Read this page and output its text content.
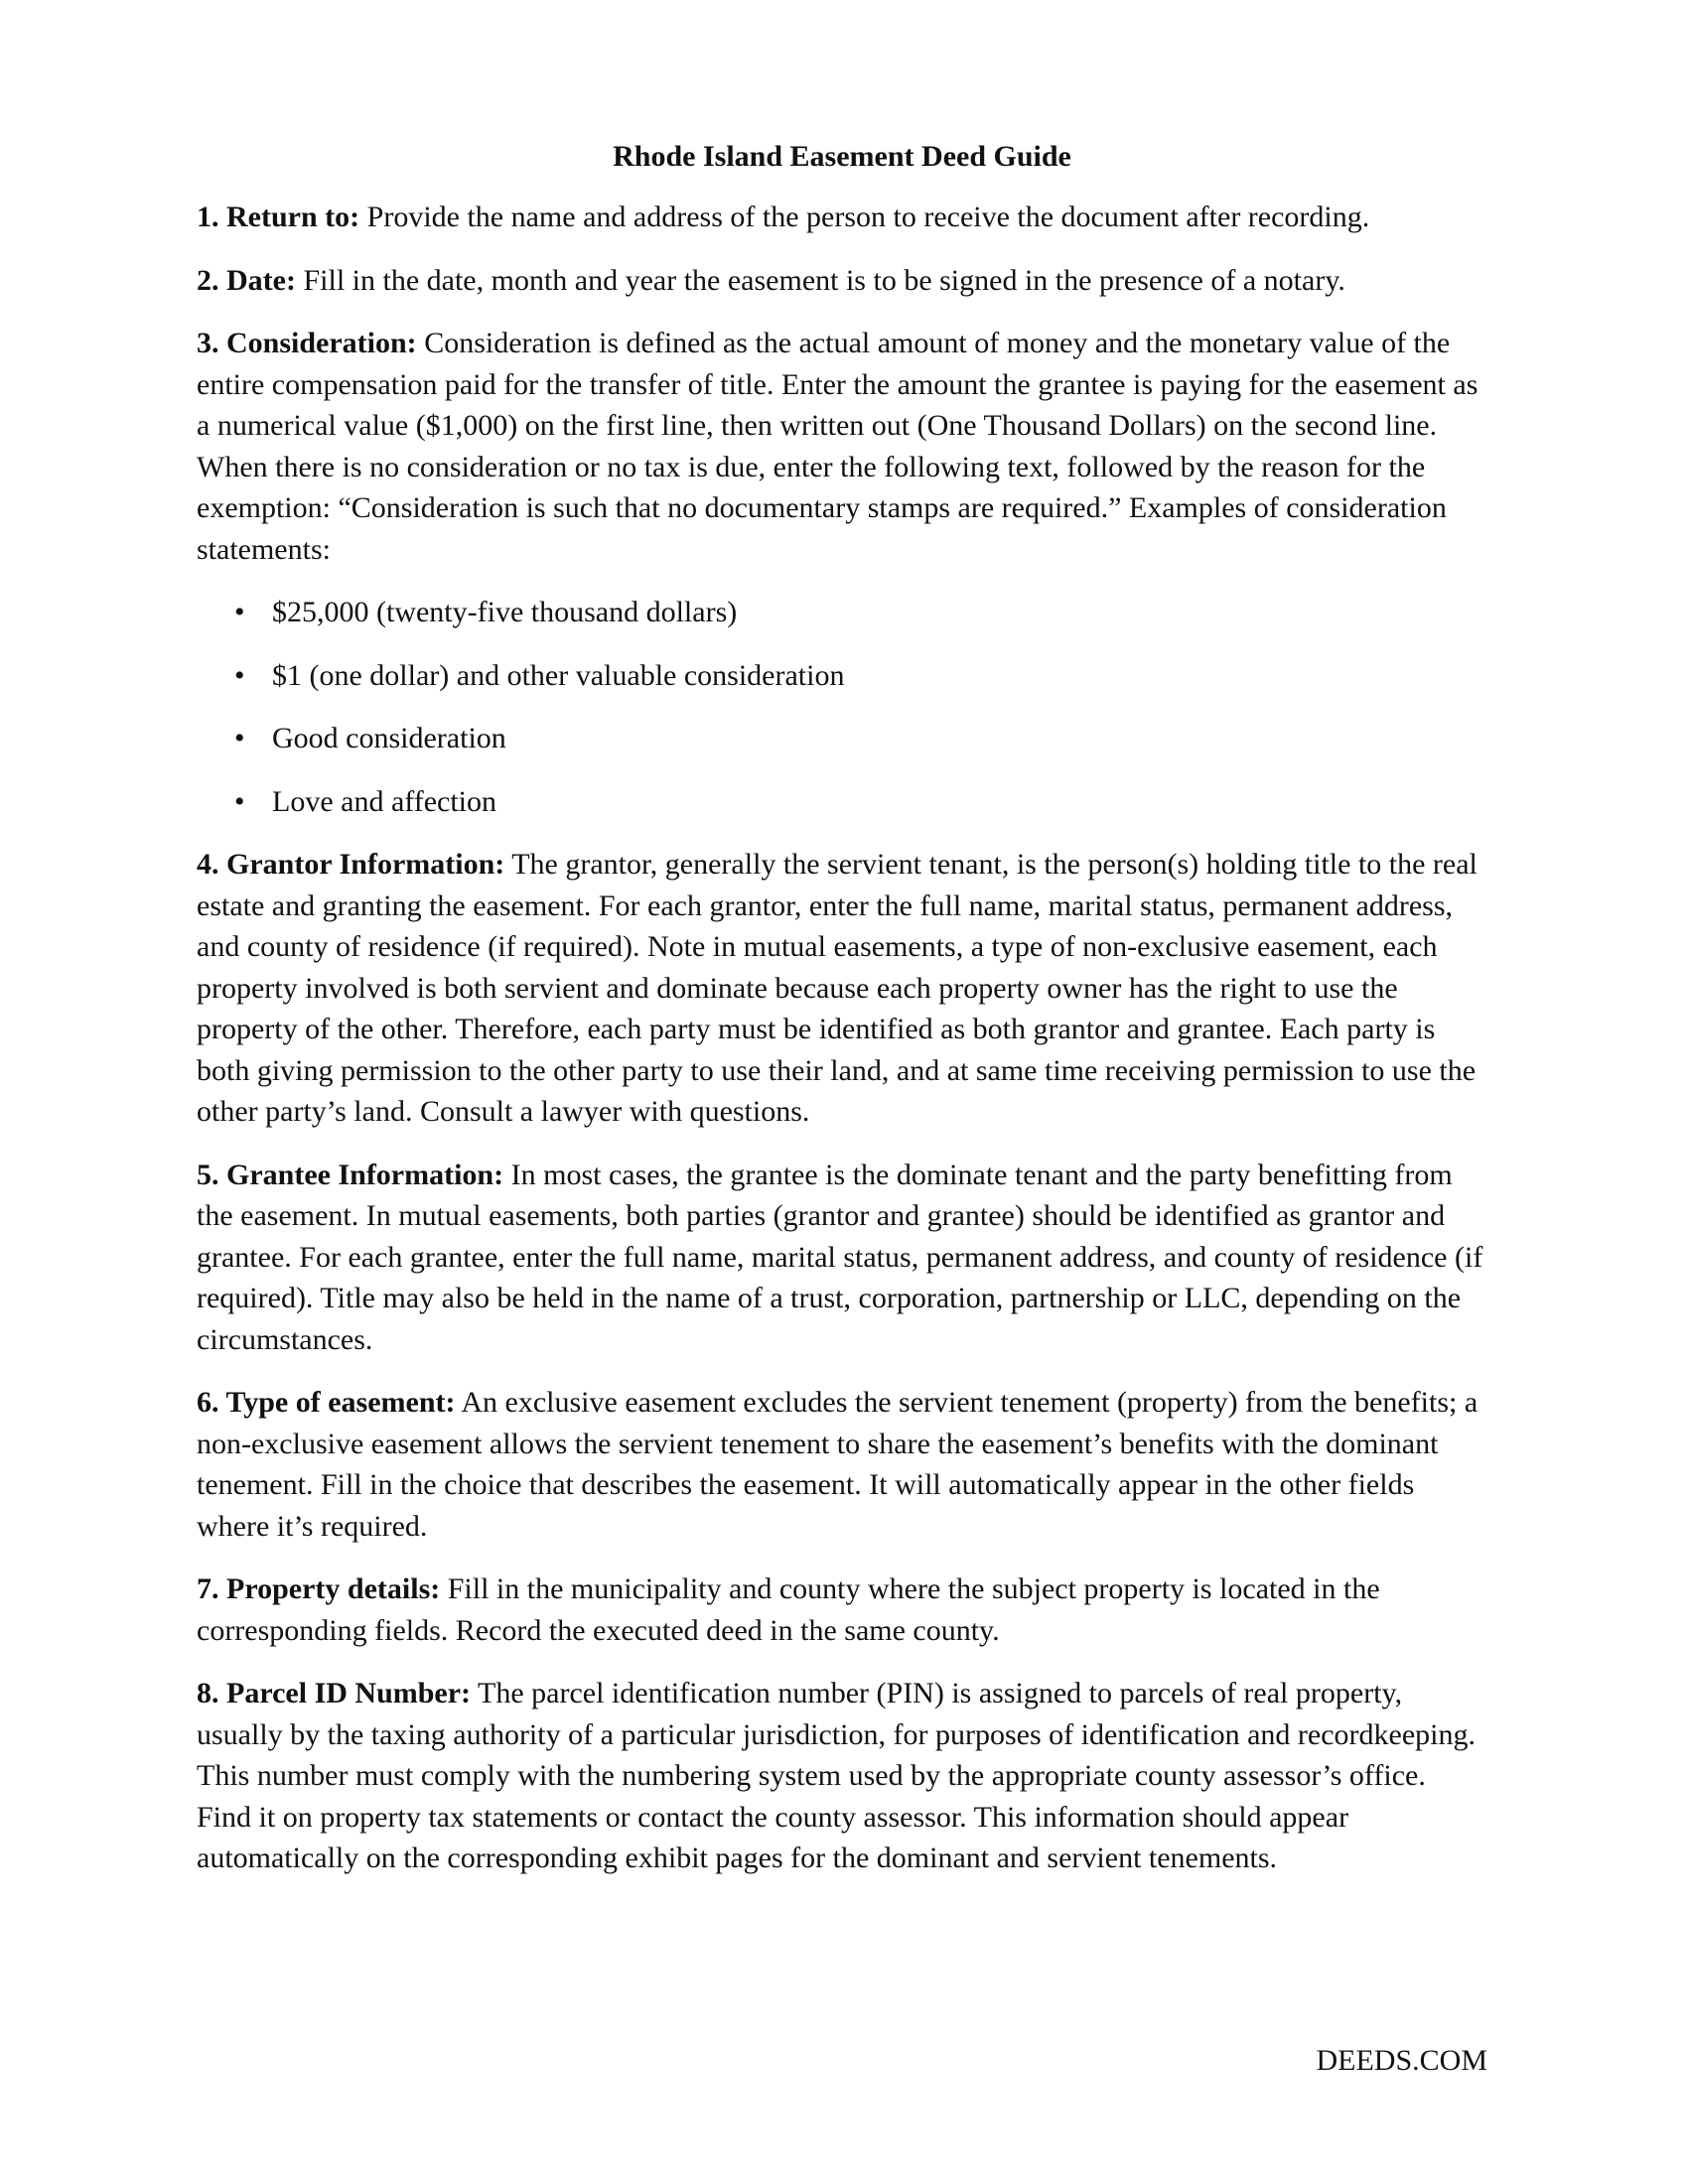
Rhode Island Easement Deed Guide

1. Return to: Provide the name and address of the person to receive the document after recording.

2. Date: Fill in the date, month and year the easement is to be signed in the presence of a notary.

3. Consideration: Consideration is defined as the actual amount of money and the monetary value of the entire compensation paid for the transfer of title. Enter the amount the grantee is paying for the easement as a numerical value ($1,000) on the first line, then written out (One Thousand Dollars) on the second line. When there is no consideration or no tax is due, enter the following text, followed by the reason for the exemption: “Consideration is such that no documentary stamps are required.” Examples of consideration statements:

• $25,000 (twenty-five thousand dollars)
• $1 (one dollar) and other valuable consideration
• Good consideration
• Love and affection

4. Grantor Information: The grantor, generally the servient tenant, is the person(s) holding title to the real estate and granting the easement. For each grantor, enter the full name, marital status, permanent address, and county of residence (if required). Note in mutual easements, a type of non-exclusive easement, each property involved is both servient and dominate because each property owner has the right to use the property of the other. Therefore, each party must be identified as both grantor and grantee. Each party is both giving permission to the other party to use their land, and at same time receiving permission to use the other party’s land. Consult a lawyer with questions.

5. Grantee Information: In most cases, the grantee is the dominate tenant and the party benefitting from the easement. In mutual easements, both parties (grantor and grantee) should be identified as grantor and grantee. For each grantee, enter the full name, marital status, permanent address, and county of residence (if required). Title may also be held in the name of a trust, corporation, partnership or LLC, depending on the circumstances.

6. Type of easement: An exclusive easement excludes the servient tenement (property) from the benefits; a non-exclusive easement allows the servient tenement to share the easement’s benefits with the dominant tenement. Fill in the choice that describes the easement. It will automatically appear in the other fields where it’s required.

7. Property details: Fill in the municipality and county where the subject property is located in the corresponding fields. Record the executed deed in the same county.

8. Parcel ID Number: The parcel identification number (PIN) is assigned to parcels of real property, usually by the taxing authority of a particular jurisdiction, for purposes of identification and recordkeeping. This number must comply with the numbering system used by the appropriate county assessor’s office. Find it on property tax statements or contact the county assessor. This information should appear automatically on the corresponding exhibit pages for the dominant and servient tenements.

DEEDS.COM
